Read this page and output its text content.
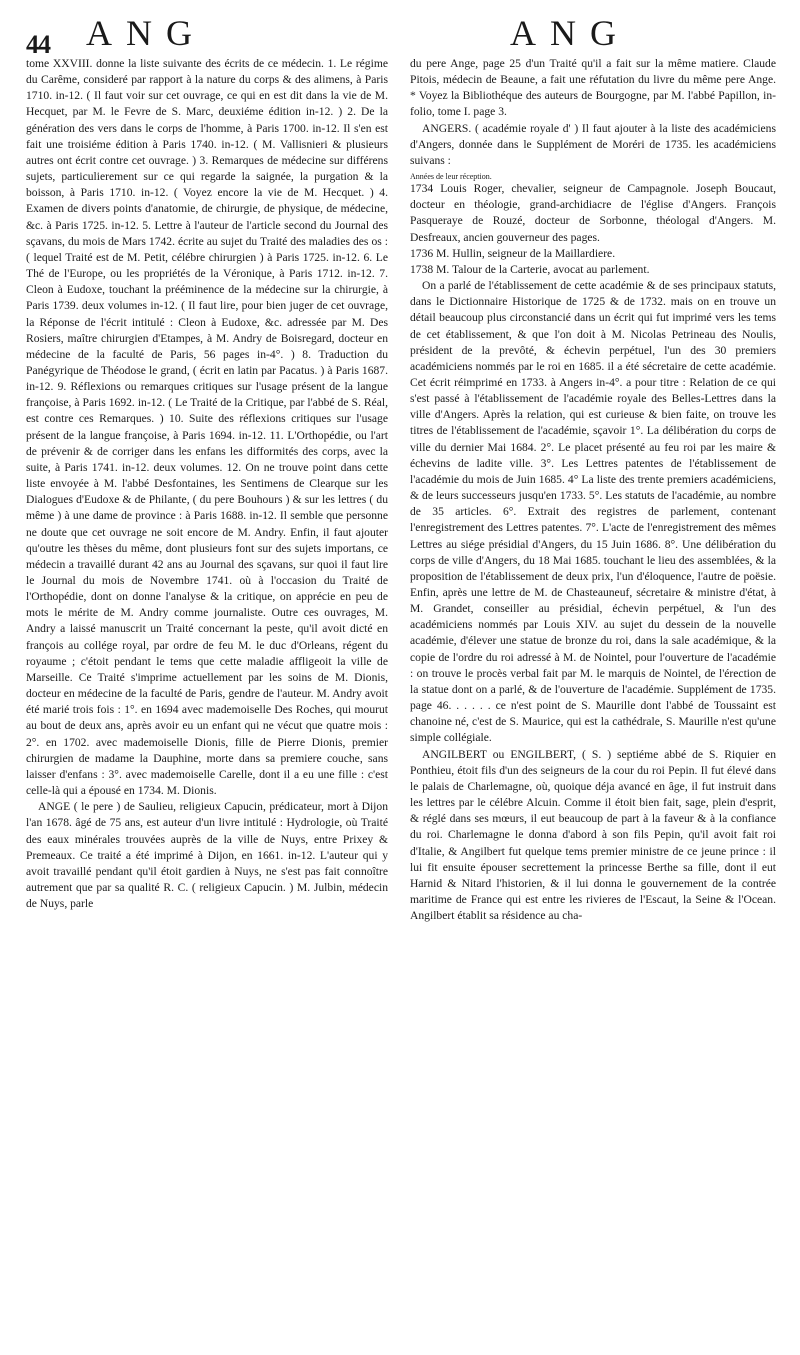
44 ANG	ANG

tome XXVIII. donne la liste suivante des écrits de ce médecin. 1. Le régime du Carême, consideré par rapport à la nature du corps & des alimens, à Paris 1710. in-12. ( Il faut voir sur cet ouvrage, ce qui en est dit dans la vie de M. Hecquet, par M. le Fevre de S. Marc, deuxiéme édition in-12. ) 2. De la génération des vers dans le corps de l'homme, à Paris 1700. in-12. Il s'en est fait une troisiéme édition à Paris 1740. in-12. ( M. Vallisnieri & plusieurs autres ont écrit contre cet ouvrage. ) 3. Remarques de médecine sur différens sujets, particulierement sur ce qui regarde la saignée, la purgation & la boisson, à Paris 1710. in-12. ( Voyez encore la vie de M. Hecquet. ) 4. Examen de divers points d'anatomie, de chirurgie, de physique, de médecine, &c. à Paris 1725. in-12. 5. Lettre à l'auteur de l'article second du Journal des sçavans, du mois de Mars 1742. écrite au sujet du Traité des maladies des os : ( lequel Traité est de M. Petit, célébre chirurgien ) à Paris 1725. in-12. 6. Le Thé de l'Europe, ou les propriétés de la Véronique, à Paris 1712. in-12. 7. Cleon à Eudoxe, touchant la prééminence de la médecine sur la chirurgie, à Paris 1739. deux volumes in-12. ( Il faut lire, pour bien juger de cet ouvrage, la Réponse de l'écrit intitulé : Cleon à Eudoxe, &c. adressée par M. Des Rosiers, maître chirurgien d'Etampes, à M. Andry de Boisregard, docteur en médecine de la faculté de Paris, 56 pages in-4°. ) 8. Traduction du Panégyrique de Théodose le grand, ( écrit en latin par Pacatus. ) à Paris 1687. in-12. 9. Réflexions ou remarques critiques sur l'usage présent de la langue françoise, à Paris 1692. in-12. ( Le Traité de la Critique, par l'abbé de S. Réal, est contre ces Remarques. ) 10. Suite des réflexions critiques sur l'usage présent de la langue françoise, à Paris 1694. in-12. 11. L'Orthopédie, ou l'art de prévenir & de corriger dans les enfans les difformités des corps, avec la suite, à Paris 1741. in-12. deux volumes. 12. On ne trouve point dans cette liste envoyée à M. l'abbé Desfontaines, les Sentimens de Clearque sur les Dialogues d'Eudoxe & de Philante, ( du pere Bouhours ) & sur les lettres ( du même ) à une dame de province : à Paris 1688. in-12. Il semble que personne ne doute que cet ouvrage ne soit encore de M. Andry. Enfin, il faut ajouter qu'outre les thèses du même, dont plusieurs font sur des sujets importans, ce médecin a travaillé durant 42 ans au Journal des sçavans, sur quoi il faut lire le Journal du mois de Novembre 1741. où à l'occasion du Traité de l'Orthopédie, dont on donne l'analyse & la critique, on apprécie en peu de mots le mérite de M. Andry comme journaliste. Outre ces ouvrages, M. Andry a laissé manuscrit un Traité concernant la peste, qu'il avoit dicté en françois au collége royal, par ordre de feu M. le duc d'Orleans, régent du royaume ; c'étoit pendant le tems que cette maladie affligeoit la ville de Marseille. Ce Traité s'imprime actuellement par les soins de M. Dionis, docteur en médecine de la faculté de Paris, gendre de l'auteur. M. Andry avoit été marié trois fois : 1°. en 1694 avec mademoiselle Des Roches, qui mourut au bout de deux ans, après avoir eu un enfant qui ne vécut que quatre mois : 2°. en 1702. avec mademoiselle Dionis, fille de Pierre Dionis, premier chirurgien de madame la Dauphine, morte dans sa premiere couche, sans laisser d'enfans : 3°. avec mademoiselle Carelle, dont il a eu une fille : c'est celle-là qui a épousé en 1734. M. Dionis.

ANGE ( le pere ) de Saulieu, religieux Capucin, prédicateur, mort à Dijon l'an 1678. âgé de 75 ans, est auteur d'un livre intitulé : Hydrologie, où Traité des eaux minérales trouvées auprès de la ville de Nuys, entre Prixey & Premeaux. Ce traité a été imprimé à Dijon, en 1661. in-12. L'auteur qui y avoit travaillé pendant qu'il étoit gardien à Nuys, ne s'est pas fait connoître autrement que par sa qualité R. C. ( religieux Capucin. ) M. Julbin, médecin de Nuys, parle

du pere Ange, page 25 d'un Traité qu'il a fait sur la même matiere. Claude Pitois, médecin de Beaune, a fait une réfutation du livre du même pere Ange. * Voyez la Bibliothéque des auteurs de Bourgogne, par M. l'abbé Papillon, in-folio, tome I. page 3.

ANGERS. ( académie royale d' ) Il faut ajouter à la liste des académiciens d'Angers, donnée dans le Supplément de Moréri de 1735. les académiciens suivans :

Années de leur réception.

1734 Louis Roger, chevalier, seigneur de Campagnole. Joseph Boucaut, docteur en théologie, grand-archidiacre de l'église d'Angers. François Pasqueraye de Rouzé, docteur de Sorbonne, théologal d'Angers. M. Desfreaux, ancien gouverneur des pages.

1736 M. Hullin, seigneur de la Maillardiere.

1738 M. Talour de la Carterie, avocat au parlement.

On a parlé de l'établissement de cette académie & de ses principaux statuts, dans le Dictionnaire Historique de 1725 & de 1732. mais on en trouve un détail beaucoup plus circonstancié dans un écrit qui fut imprimé vers les tems de cet établissement, & que l'on doit à M. Nicolas Petrineau des Noulis, président de la prevôté, & échevin perpétuel, l'un des 30 premiers académiciens nommés par le roi en 1685. il a été sécretaire de cette académie. Cet écrit réimprimé en 1733. à Angers in-4°. a pour titre : Relation de ce qui s'est passé à l'établissement de l'académie royale des Belles-Lettres dans la ville d'Angers. Après la relation, qui est curieuse & bien faite, on trouve les titres de l'établissement de l'académie, sçavoir 1°. La délibération du corps de ville du dernier Mai 1684. 2°. Le placet présenté au feu roi par les maire & échevins de ladite ville. 3°. Les Lettres patentes de l'établissement de l'académie du mois de Juin 1685. 4° La liste des trente premiers académiciens, & de leurs successeurs jusqu'en 1733. 5°. Les statuts de l'académie, au nombre de 35 articles. 6°. Extrait des registres de parlement, contenant l'enregistrement des Lettres patentes. 7°. L'acte de l'enregistrement des mêmes Lettres au siége présidial d'Angers, du 15 Juin 1686. 8°. Une délibération du corps de ville d'Angers, du 18 Mai 1685. touchant le lieu des assemblées, & la proposition de l'établissement de deux prix, l'un d'éloquence, l'autre de poësie. Enfin, après une lettre de M. de Chasteauneuf, sécretaire & ministre d'état, à M. Grandet, conseiller au présidial, échevin perpétuel, & l'un des académiciens nommés par Louis XIV. au sujet du dessein de la nouvelle académie, d'élever une statue de bronze du roi, dans la sale académique, & la copie de l'ordre du roi adressé à M. de Nointel, pour l'ouverture de l'académie : on trouve le procès verbal fait par M. le marquis de Nointel, de l'érection de la statue dont on a parlé, & de l'ouverture de l'académie. Supplément de 1735. page 46. . . . . . ce n'est point de S. Maurille dont l'abbé de Toussaint est chanoine né, c'est de S. Maurice, qui est la cathédrale, S. Maurille n'est qu'une simple collégiale.

ANGILBERT ou ENGILBERT, ( S. ) septiéme abbé de S. Riquier en Ponthieu, étoit fils d'un des seigneurs de la cour du roi Pepin. Il fut élevé dans le palais de Charlemagne, où, quoique déja avancé en âge, il fut instruit dans les lettres par le célébre Alcuin. Comme il étoit bien fait, sage, plein d'esprit, & réglé dans ses mœurs, il eut beaucoup de part à la faveur & à la confiance du roi. Charlemagne le donna d'abord à son fils Pepin, qu'il avoit fait roi d'Italie, & Angilbert fut quelque tems premier ministre de ce jeune prince : il lui fit ensuite épouser secrettement la princesse Berthe sa fille, dont il eut Harnid & Nitard l'historien, & il lui donna le gouvernement de la contrée maritime de France qui est entre les rivieres de l'Escaut, la Seine & l'Ocean. Angilbert établit sa résidence au cha-
